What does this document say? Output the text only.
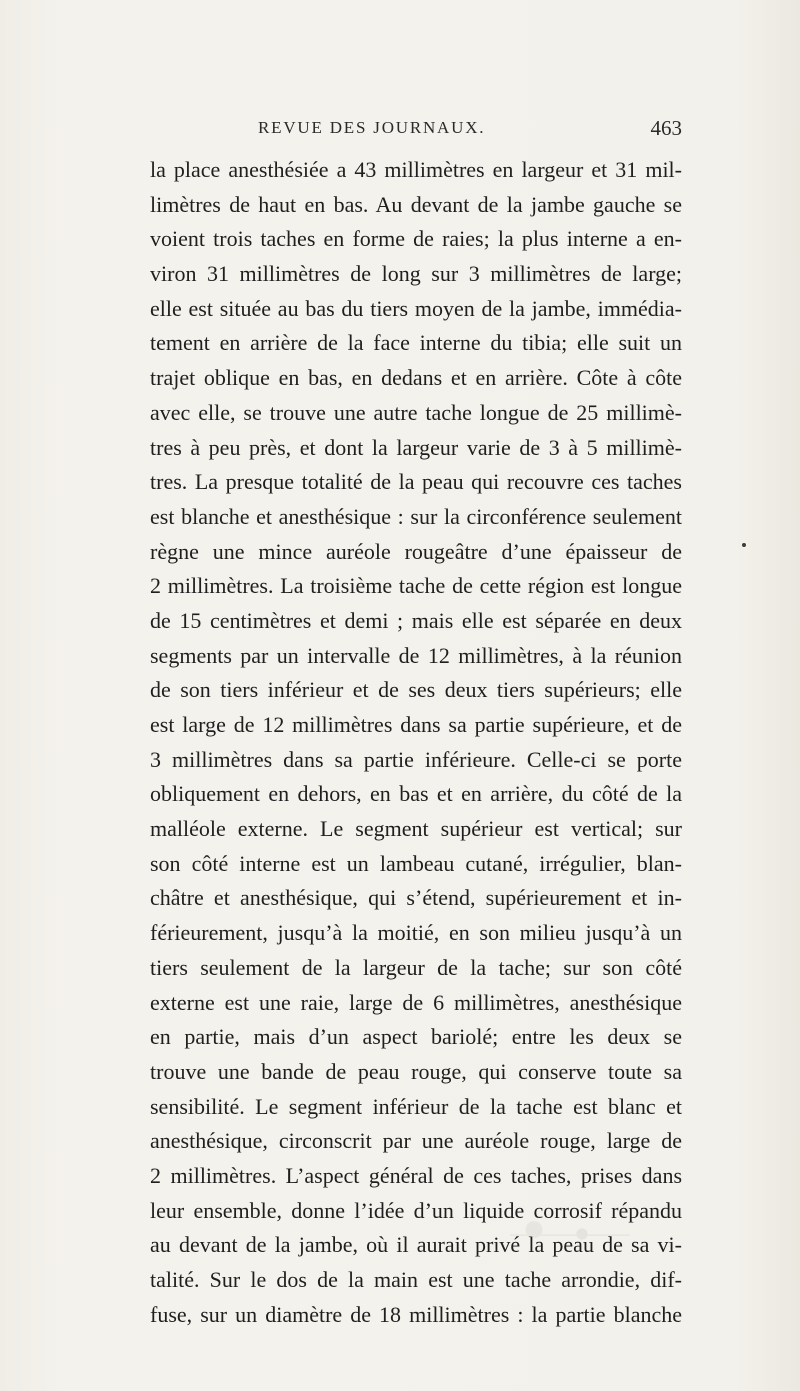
REVUE DES JOURNAUX.	463
la place anesthésiée a 43 millimètres en largeur et 31 mil-
limètres de haut en bas. Au devant de la jambe gauche se
voient trois taches en forme de raies; la plus interne a en-
viron 31 millimètres de long sur 3 millimètres de large;
elle est située au bas du tiers moyen de la jambe, immédia-
tement en arrière de la face interne du tibia; elle suit un
trajet oblique en bas, en dedans et en arrière. Côte à côte
avec elle, se trouve une autre tache longue de 25 millimè-
tres à peu près, et dont la largeur varie de 3 à 5 millimè-
tres. La presque totalité de la peau qui recouvre ces taches
est blanche et anesthésique : sur la circonférence seulement
règne une mince auréole rougeâtre d’une épaisseur de
2 millimètres. La troisième tache de cette région est longue
de 15 centimètres et demi ; mais elle est séparée en deux
segments par un intervalle de 12 millimètres, à la réunion
de son tiers inférieur et de ses deux tiers supérieurs; elle
est large de 12 millimètres dans sa partie supérieure, et de
3 millimètres dans sa partie inférieure. Celle-ci se porte
obliquement en dehors, en bas et en arrière, du côté de la
malléole externe. Le segment supérieur est vertical; sur
son côté interne est un lambeau cutané, irrégulier, blan-
châtre et anesthésique, qui s’étend, supérieurement et in-
férieurement, jusqu’à la moitié, en son milieu jusqu’à un
tiers seulement de la largeur de la tache; sur son côté
externe est une raie, large de 6 millimètres, anesthésique
en partie, mais d’un aspect bariolé; entre les deux se
trouve une bande de peau rouge, qui conserve toute sa
sensibilité. Le segment inférieur de la tache est blanc et
anesthésique, circonscrit par une auréole rouge, large de
2 millimètres. L’aspect général de ces taches, prises dans
leur ensemble, donne l’idée d’un liquide corrosif répandu
au devant de la jambe, où il aurait privé la peau de sa vi-
talité. Sur le dos de la main est une tache arrondie, dif-
fuse, sur un diamètre de 18 millimètres : la partie blanche
